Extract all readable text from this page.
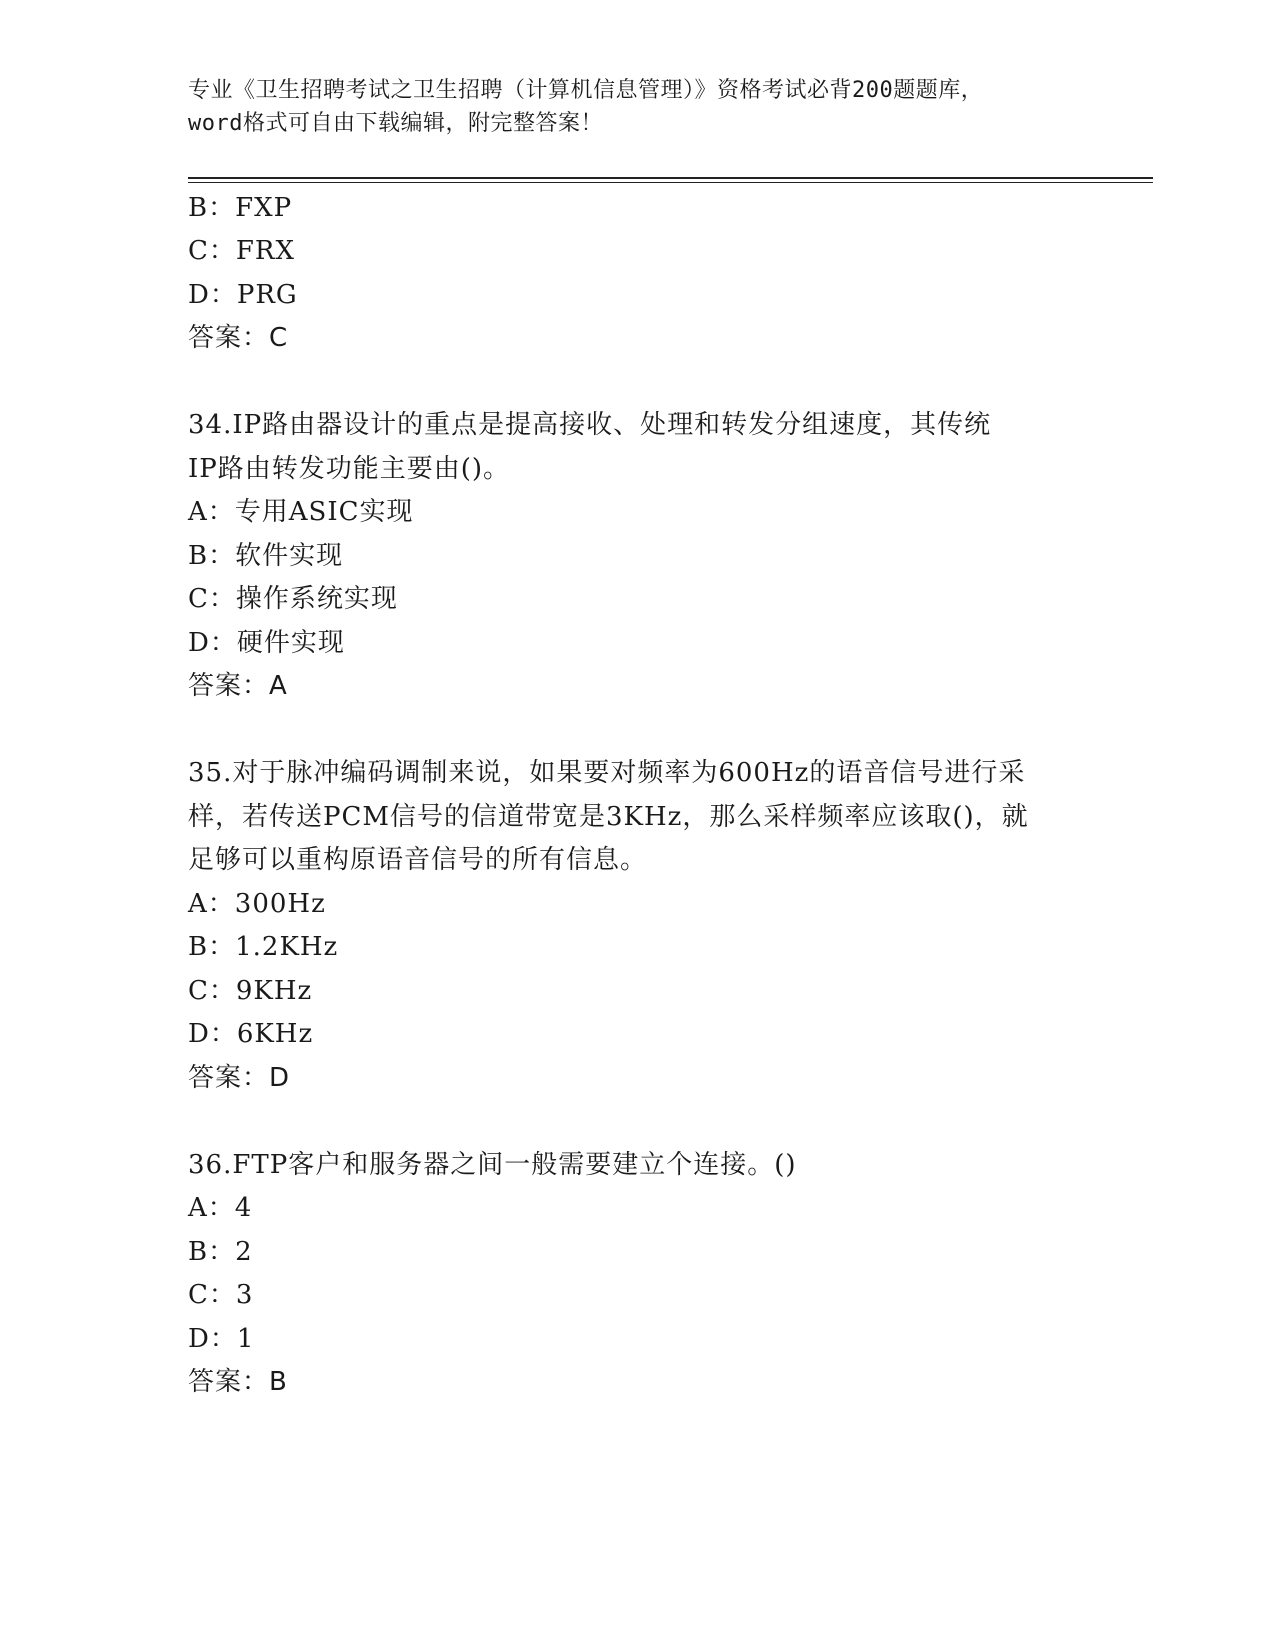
专业《卫生招聘考试之卫生招聘（计算机信息管理）》资格考试必背200题题库，

word格式可自由下载编辑，附完整答案！

B：FXP

C：FRX

D：PRG

答案：C

34.IP路由器设计的重点是提高接收、处理和转发分组速度，其传统

IP路由转发功能主要由()。

A：专用ASIC实现

B：软件实现

C：操作系统实现

D：硬件实现

答案：A

35.对于脉冲编码调制来说，如果要对频率为600Hz的语音信号进行采

样，若传送PCM信号的信道带宽是3KHz，那么采样频率应该取()，就

足够可以重构原语音信号的所有信息。

A：300Hz

B：1.2KHz

C：9KHz

D：6KHz

答案：D

36.FTP客户和服务器之间一般需要建立个连接。()

A：4

B：2

C：3

D：1

答案：B
